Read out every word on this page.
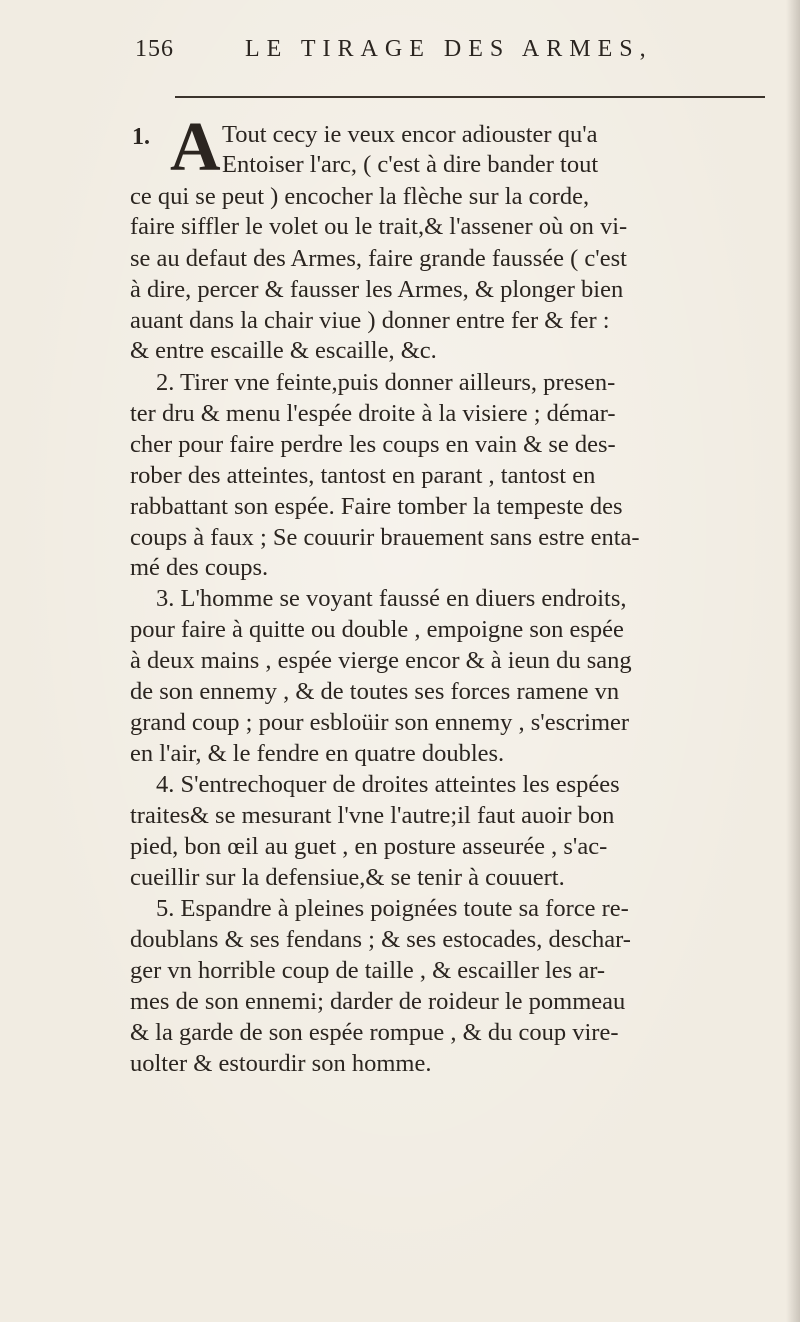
156	LE TIRAGE DES ARMES,
1. A Tout cecy ie veux encor adiouster qu'a
Entoiser l'arc, ( c'est à dire bander tout
ce qui se peut ) encocher la flèche sur la corde,
faire siffler le volet ou le trait,& l'assener où on vi-
se au defaut des Armes, faire grande faussée ( c'est
à dire, percer & fausser les Armes, & plonger bien
auant dans la chair viue ) donner entre fer & fer :
& entre escaille & escaille, &c.
2. Tirer vne feinte,puis donner ailleurs, presen-
ter dru & menu l'espée droite à la visiere ; démar-
cher pour faire perdre les coups en vain & se des-
rober des atteintes, tantost en parant , tantost en
rabbattant son espée. Faire tomber la tempeste des
coups à faux ; Se couurir brauement sans estre enta-
mé des coups.
3. L'homme se voyant faussé en diuers endroits,
pour faire à quitte ou double , empoigne son espée
à deux mains , espée vierge encor & à ieun du sang
de son ennemy , & de toutes ses forces ramene vn
grand coup ; pour esbloüir son ennemy , s'escrimer
en l'air, & le fendre en quatre doubles.
4. S'entrechoquer de droites atteintes les espées
traites& se mesurant l'vne l'autre;il faut auoir bon
pied, bon œil au guet , en posture asseurée , s'ac-
cueillir sur la defensiue,& se tenir à couuert.
5. Espandre à pleines poignées toute sa force re-
doublans & ses fendans ; & ses estocades, deschar-
ger vn horrible coup de taille , & escailler les ar-
mes de son ennemi; darder de roideur le pommeau
& la garde de son espée rompue , & du coup vire-
uolter & estourdir son homme.
